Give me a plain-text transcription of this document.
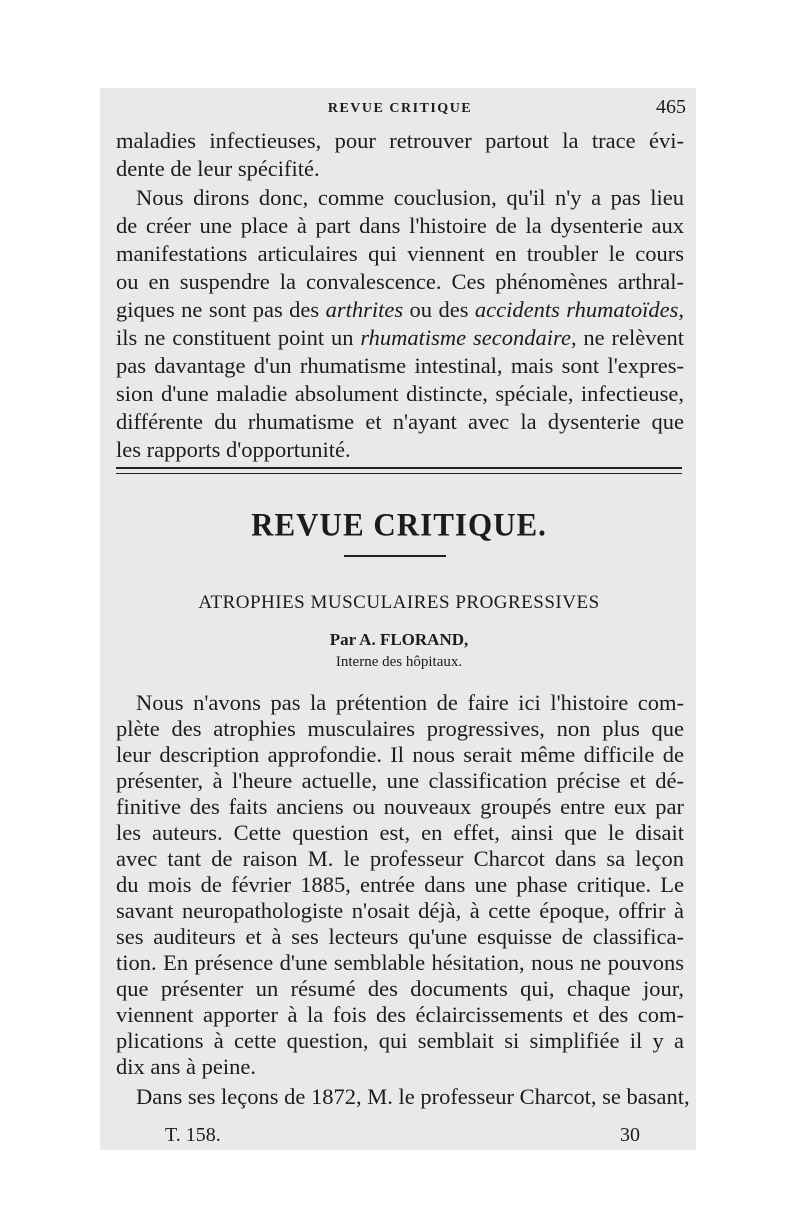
REVUE CRITIQUE	465
maladies infectieuses, pour retrouver partout la trace évi-
dente de leur spécifité.
Nous dirons donc, comme couclusion, qu'il n'y a pas lieu
de créer une place à part dans l'histoire de la dysenterie aux
manifestations articulaires qui viennent en troubler le cours
ou en suspendre la convalescence. Ces phénomènes arthral-
giques ne sont pas des arthrites ou des accidents rhumatoïdes,
ils ne constituent point un rhumatisme secondaire, ne relèvent
pas davantage d'un rhumatisme intestinal, mais sont l'expres-
sion d'une maladie absolument distincte, spéciale, infectieuse,
différente du rhumatisme et n'ayant avec la dysenterie que
les rapports d'opportunité.
REVUE CRITIQUE.
ATROPHIES MUSCULAIRES PROGRESSIVES
Par A. FLORAND,
Interne des hôpitaux.
Nous n'avons pas la prétention de faire ici l'histoire com-
plète des atrophies musculaires progressives, non plus que
leur description approfondie. Il nous serait même difficile de
présenter, à l'heure actuelle, une classification précise et dé-
finitive des faits anciens ou nouveaux groupés entre eux par
les auteurs. Cette question est, en effet, ainsi que le disait
avec tant de raison M. le professeur Charcot dans sa leçon
du mois de février 1885, entrée dans une phase critique. Le
savant neuropathologiste n'osait déjà, à cette époque, offrir à
ses auditeurs et à ses lecteurs qu'une esquisse de classifica-
tion. En présence d'une semblable hésitation, nous ne pouvons
que présenter un résumé des documents qui, chaque jour,
viennent apporter à la fois des éclaircissements et des com-
plications à cette question, qui semblait si simplifiée il y a
dix ans à peine.
Dans ses leçons de 1872, M. le professeur Charcot, se basant,
T. 158.	30
